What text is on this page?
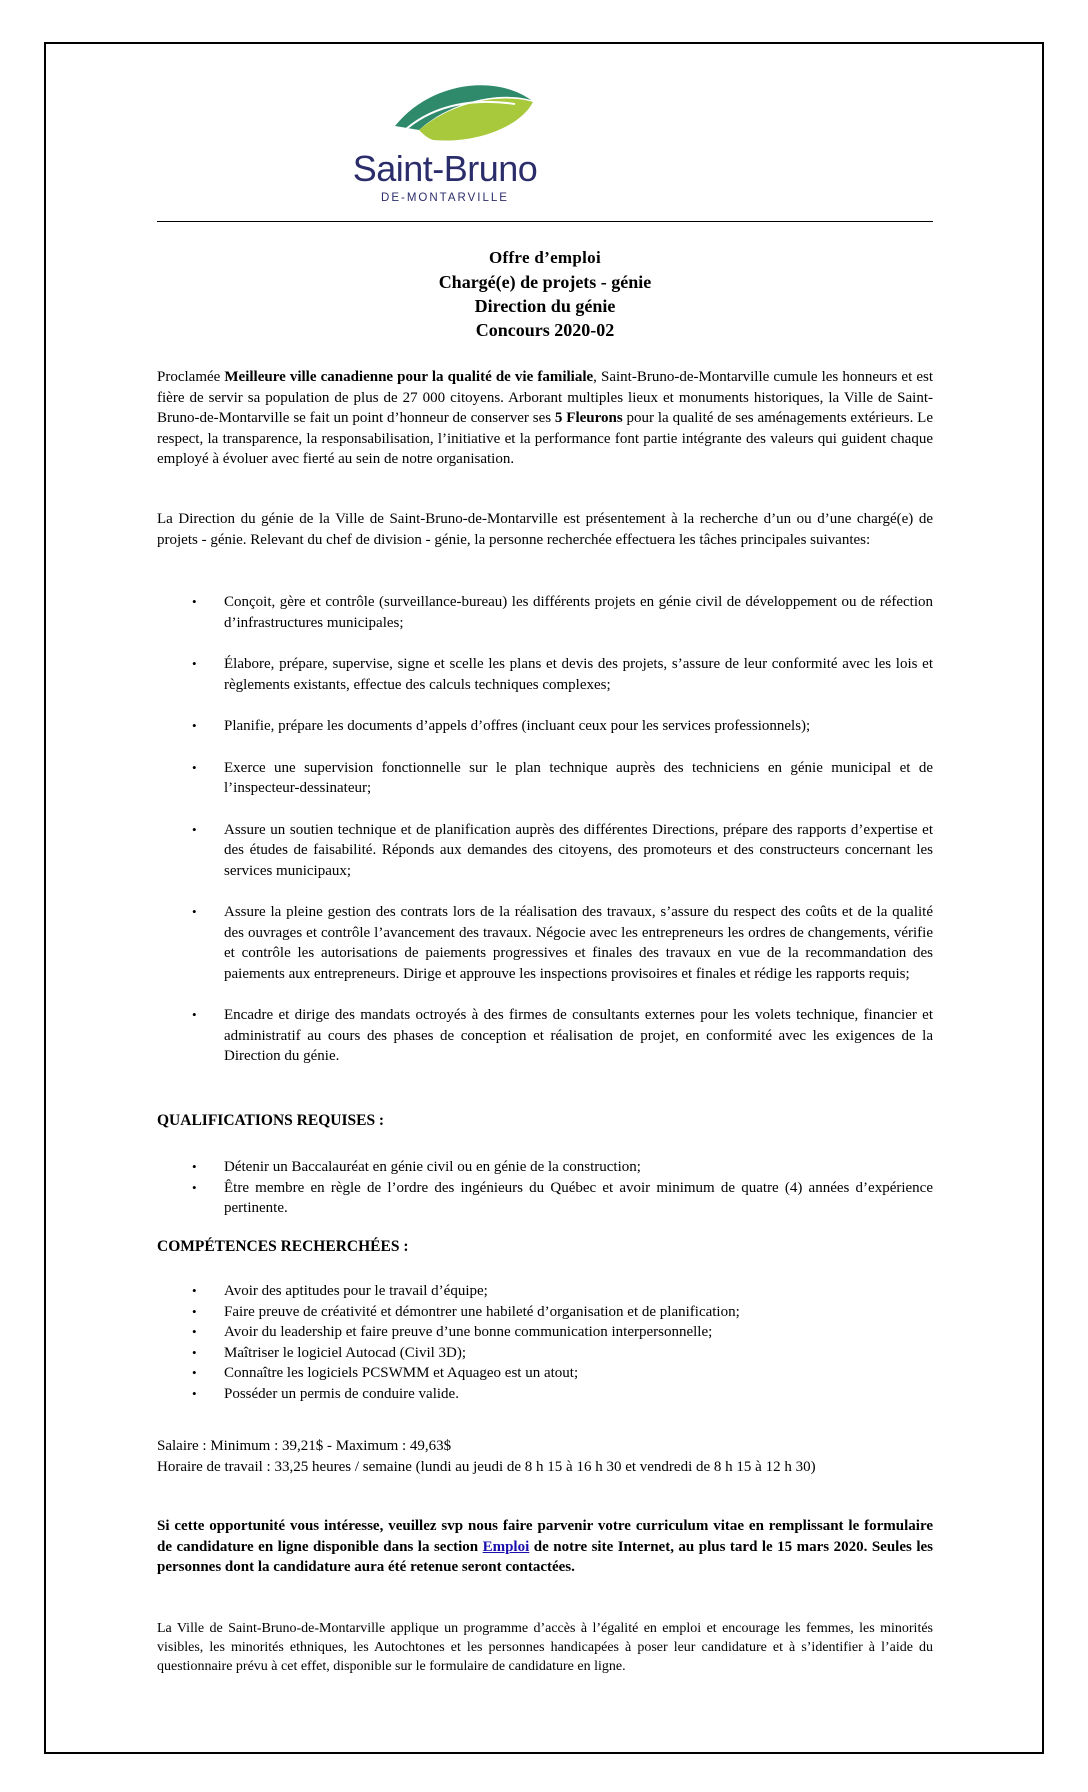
Saint-Bruno
DE-MONTARVILLE
Offre d’emploi
Chargé(e) de projets - génie
Direction du génie
Concours 2020-02

Proclamée Meilleure ville canadienne pour la qualité de vie familiale, Saint-Bruno-de-Montarville cumule les honneurs et est fière de servir sa population de plus de 27 000 citoyens. Arborant multiples lieux et monuments historiques, la Ville de Saint-Bruno-de-Montarville se fait un point d’honneur de conserver ses 5 Fleurons pour la qualité de ses aménagements extérieurs. Le respect, la transparence, la responsabilisation, l’initiative et la performance font partie intégrante des valeurs qui guident chaque employé à évoluer avec fierté au sein de notre organisation.

La Direction du génie de la Ville de Saint-Bruno-de-Montarville est présentement à la recherche d’un ou d’une chargé(e) de projets - génie. Relevant du chef de division - génie, la personne recherchée effectuera les tâches principales suivantes:

• Conçoit, gère et contrôle (surveillance-bureau) les différents projets en génie civil de développement ou de réfection d’infrastructures municipales;
• Élabore, prépare, supervise, signe et scelle les plans et devis des projets, s’assure de leur conformité avec les lois et règlements existants, effectue des calculs techniques complexes;
• Planifie, prépare les documents d’appels d’offres (incluant ceux pour les services professionnels);
• Exerce une supervision fonctionnelle sur le plan technique auprès des techniciens en génie municipal et de l’inspecteur-dessinateur;
• Assure un soutien technique et de planification auprès des différentes Directions, prépare des rapports d’expertise et des études de faisabilité. Réponds aux demandes des citoyens, des promoteurs et des constructeurs concernant les services municipaux;
• Assure la pleine gestion des contrats lors de la réalisation des travaux, s’assure du respect des coûts et de la qualité des ouvrages et contrôle l’avancement des travaux. Négocie avec les entrepreneurs les ordres de changements, vérifie et contrôle les autorisations de paiements progressives et finales des travaux en vue de la recommandation des paiements aux entrepreneurs. Dirige et approuve les inspections provisoires et finales et rédige les rapports requis;
• Encadre et dirige des mandats octroyés à des firmes de consultants externes pour les volets technique, financier et administratif au cours des phases de conception et réalisation de projet, en conformité avec les exigences de la Direction du génie.
QUALIFICATIONS REQUISES :
• Détenir un Baccalauréat en génie civil ou en génie de la construction;
• Être membre en règle de l’ordre des ingénieurs du Québec et avoir minimum de quatre (4) années d’expérience pertinente.
COMPÉTENCES RECHERCHÉES :
• Avoir des aptitudes pour le travail d’équipe;
• Faire preuve de créativité et démontrer une habileté d’organisation et de planification;
• Avoir du leadership et faire preuve d’une bonne communication interpersonnelle;
• Maîtriser le logiciel Autocad (Civil 3D);
• Connaître les logiciels PCSWMM et Aquageo est un atout;
• Posséder un permis de conduire valide.

Salaire : Minimum : 39,21$ - Maximum : 49,63$

Horaire de travail : 33,25 heures / semaine (lundi au jeudi de 8 h 15 à 16 h 30 et vendredi de 8 h 15 à 12 h 30)

Si cette opportunité vous intéresse, veuillez svp nous faire parvenir votre curriculum vitae en remplissant le formulaire de candidature en ligne disponible dans la section Emploi de notre site Internet, au plus tard le 15 mars 2020. Seules les personnes dont la candidature aura été retenue seront contactées.

La Ville de Saint-Bruno-de-Montarville applique un programme d’accès à l’égalité en emploi et encourage les femmes, les minorités visibles, les minorités ethniques, les Autochtones et les personnes handicapées à poser leur candidature et à s’identifier à l’aide du questionnaire prévu à cet effet, disponible sur le formulaire de candidature en ligne.
